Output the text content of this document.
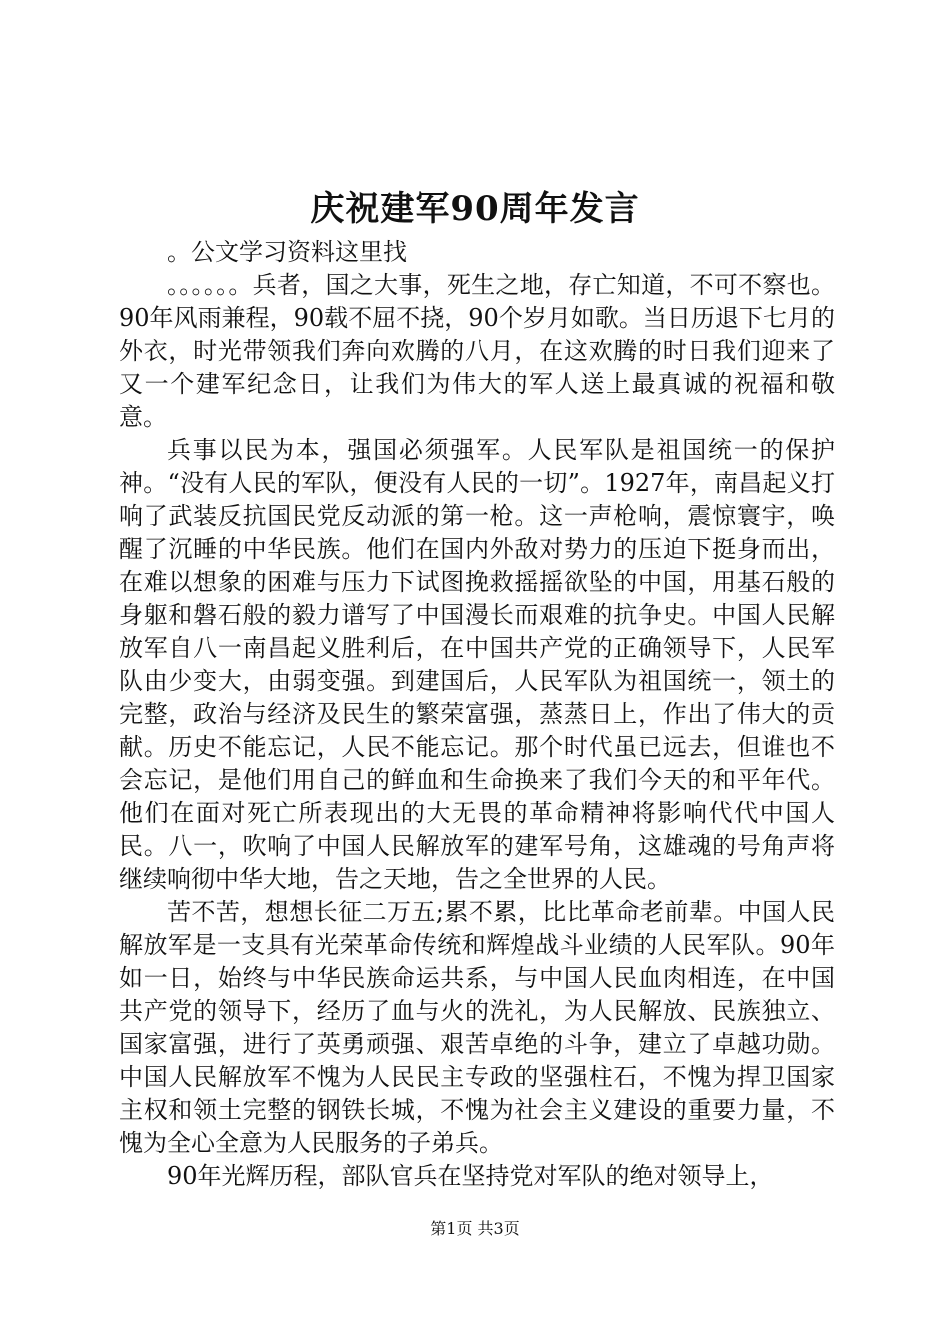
庆祝建军90周年发言

。公文学习资料这里找

。。。。。。兵者，国之大事，死生之地，存亡知道，不可不察也。90年风雨兼程，90载不屈不挠，90个岁月如歌。当日历退下七月的外衣，时光带领我们奔向欢腾的八月，在这欢腾的时日我们迎来了又一个建军纪念日，让我们为伟大的军人送上最真诚的祝福和敬意。

兵事以民为本，强国必须强军。人民军队是祖国统一的保护神。“没有人民的军队，便没有人民的一切”。1927年，南昌起义打响了武装反抗国民党反动派的第一枪。这一声枪响，震惊寰宇，唤醒了沉睡的中华民族。他们在国内外敌对势力的压迫下挺身而出，在难以想象的困难与压力下试图挽救摇摇欲坠的中国，用基石般的身躯和磐石般的毅力谱写了中国漫长而艰难的抗争史。中国人民解放军自八一南昌起义胜利后，在中国共产党的正确领导下，人民军队由少变大，由弱变强。到建国后，人民军队为祖国统一，领土的完整，政治与经济及民生的繁荣富强，蒸蒸日上，作出了伟大的贡献。历史不能忘记，人民不能忘记。那个时代虽已远去，但谁也不会忘记，是他们用自己的鲜血和生命换来了我们今天的和平年代。他们在面对死亡所表现出的大无畏的革命精神将影响代代中国人民。八一，吹响了中国人民解放军的建军号角，这雄魂的号角声将继续响彻中华大地，告之天地，告之全世界的人民。

苦不苦，想想长征二万五;累不累，比比革命老前辈。中国人民解放军是一支具有光荣革命传统和辉煌战斗业绩的人民军队。90年如一日，始终与中华民族命运共系，与中国人民血肉相连，在中国共产党的领导下，经历了血与火的洗礼，为人民解放、民族独立、国家富强，进行了英勇顽强、艰苦卓绝的斗争，建立了卓越功勋。中国人民解放军不愧为人民民主专政的坚强柱石，不愧为捍卫国家主权和领土完整的钢铁长城，不愧为社会主义建设的重要力量，不愧为全心全意为人民服务的子弟兵。

90年光辉历程，部队官兵在坚持党对军队的绝对领导上，

第1页 共3页
